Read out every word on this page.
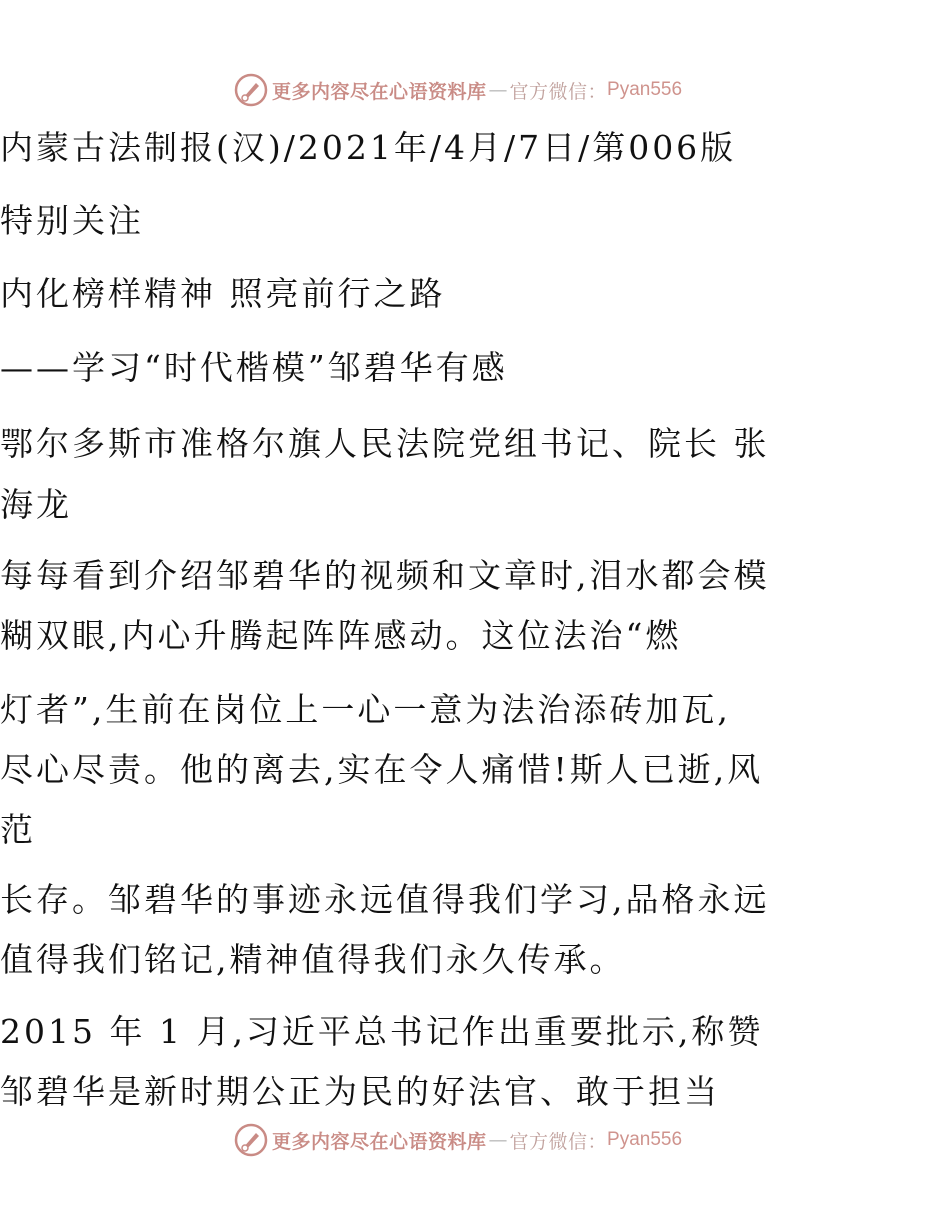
更多内容尽在心语资料库 — 官方微信： Pyan556
内蒙古法制报(汉)/2021年/4月/7日/第006版
特别关注
内化榜样精神 照亮前行之路
——学习“时代楷模”邹碧华有感
鄂尔多斯市准格尔旗人民法院党组书记、院长 张
海龙
每每看到介绍邹碧华的视频和文章时,泪水都会模
糊双眼,内心升腾起阵阵感动。这位法治“燃
灯者”,生前在岗位上一心一意为法治添砖加瓦,
尽心尽责。他的离去,实在令人痛惜!斯人已逝,风
范
长存。邹碧华的事迹永远值得我们学习,品格永远
值得我们铭记,精神值得我们永久传承。
2015 年 1 月,习近平总书记作出重要批示,称赞
邹碧华是新时期公正为民的好法官、敢于担当
更多内容尽在心语资料库 — 官方微信： Pyan556
